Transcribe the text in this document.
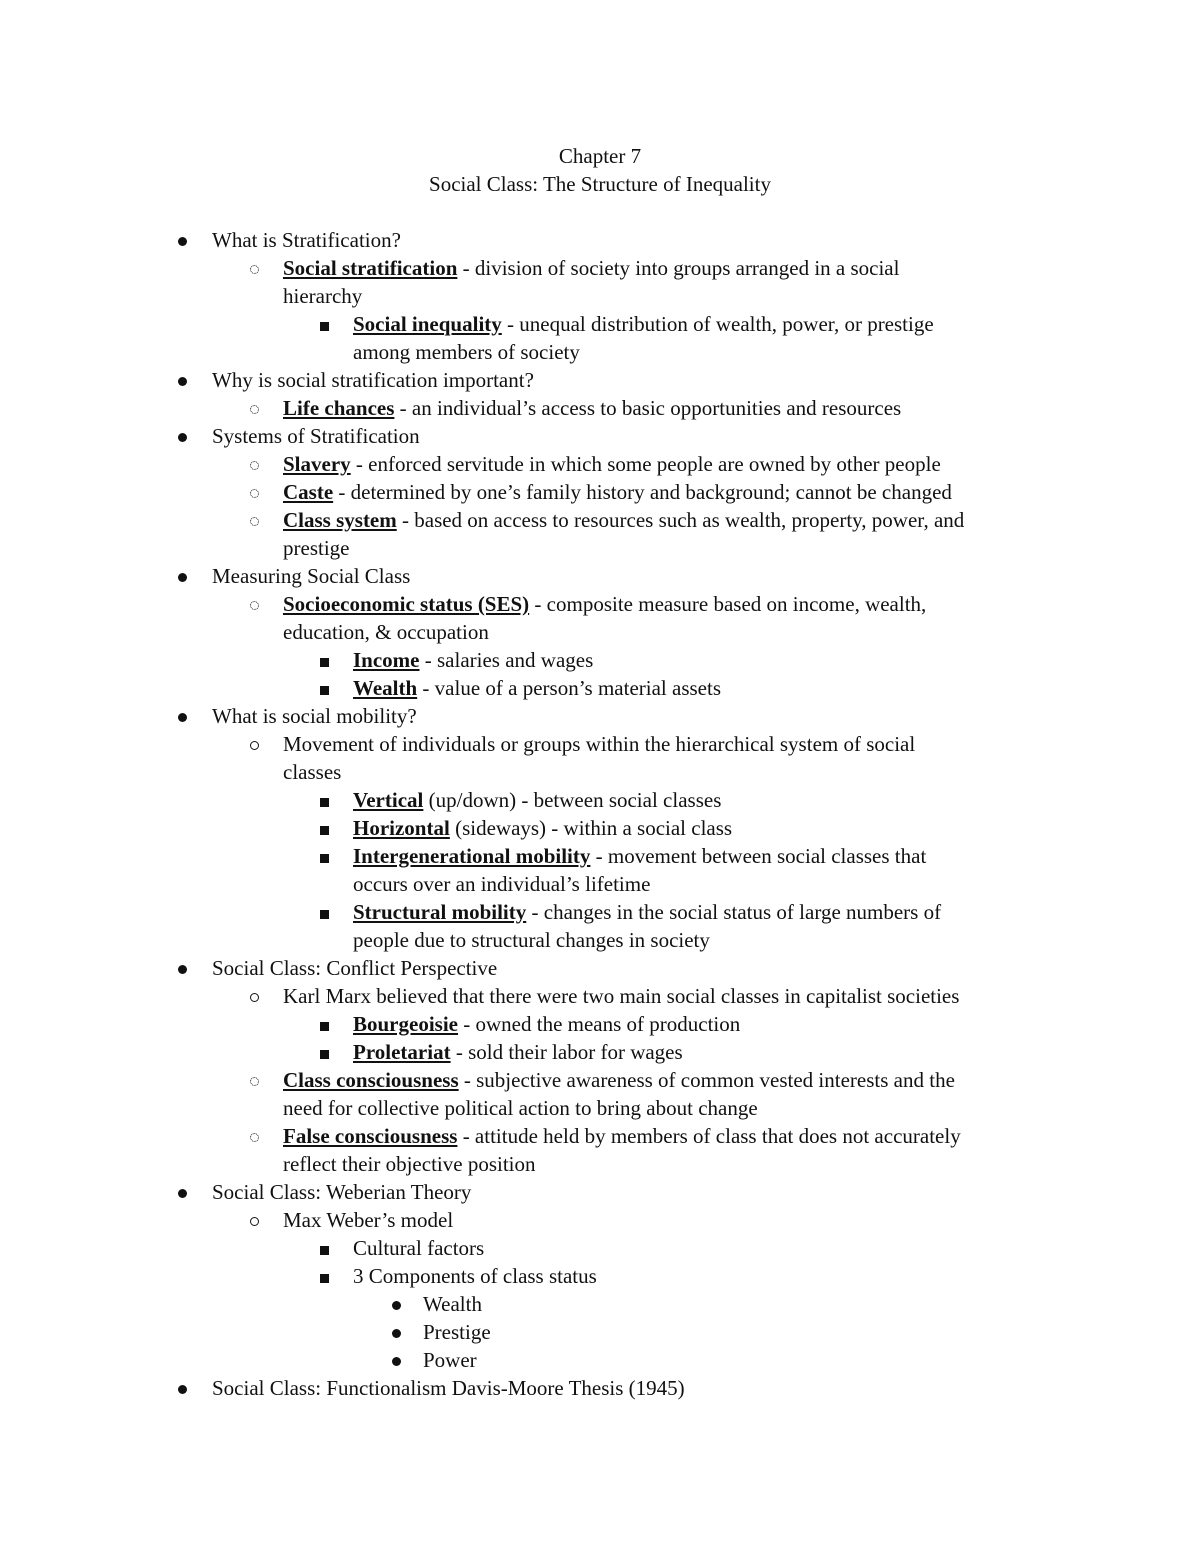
Chapter 7
Social Class: The Structure of Inequality
What is Stratification?
Social stratification - division of society into groups arranged in a social
hierarchy
Social inequality - unequal distribution of wealth, power, or prestige
among members of society
Why is social stratification important?
Life chances - an individual’s access to basic opportunities and resources
Systems of Stratification
Slavery - enforced servitude in which some people are owned by other people
Caste - determined by one’s family history and background; cannot be changed
Class system - based on access to resources such as wealth, property, power, and
prestige
Measuring Social Class
Socioeconomic status (SES) - composite measure based on income, wealth,
education, & occupation
Income - salaries and wages
Wealth - value of a person’s material assets
What is social mobility?
Movement of individuals or groups within the hierarchical system of social
classes
Vertical (up/down) - between social classes
Horizontal (sideways) - within a social class
Intergenerational mobility - movement between social classes that
occurs over an individual’s lifetime
Structural mobility - changes in the social status of large numbers of
people due to structural changes in society
Social Class: Conflict Perspective
Karl Marx believed that there were two main social classes in capitalist societies
Bourgeoisie - owned the means of production
Proletariat - sold their labor for wages
Class consciousness - subjective awareness of common vested interests and the
need for collective political action to bring about change
False consciousness - attitude held by members of class that does not accurately
reflect their objective position
Social Class: Weberian Theory
Max Weber’s model
Cultural factors
3 Components of class status
Wealth
Prestige
Power
Social Class: Functionalism Davis-Moore Thesis (1945)
